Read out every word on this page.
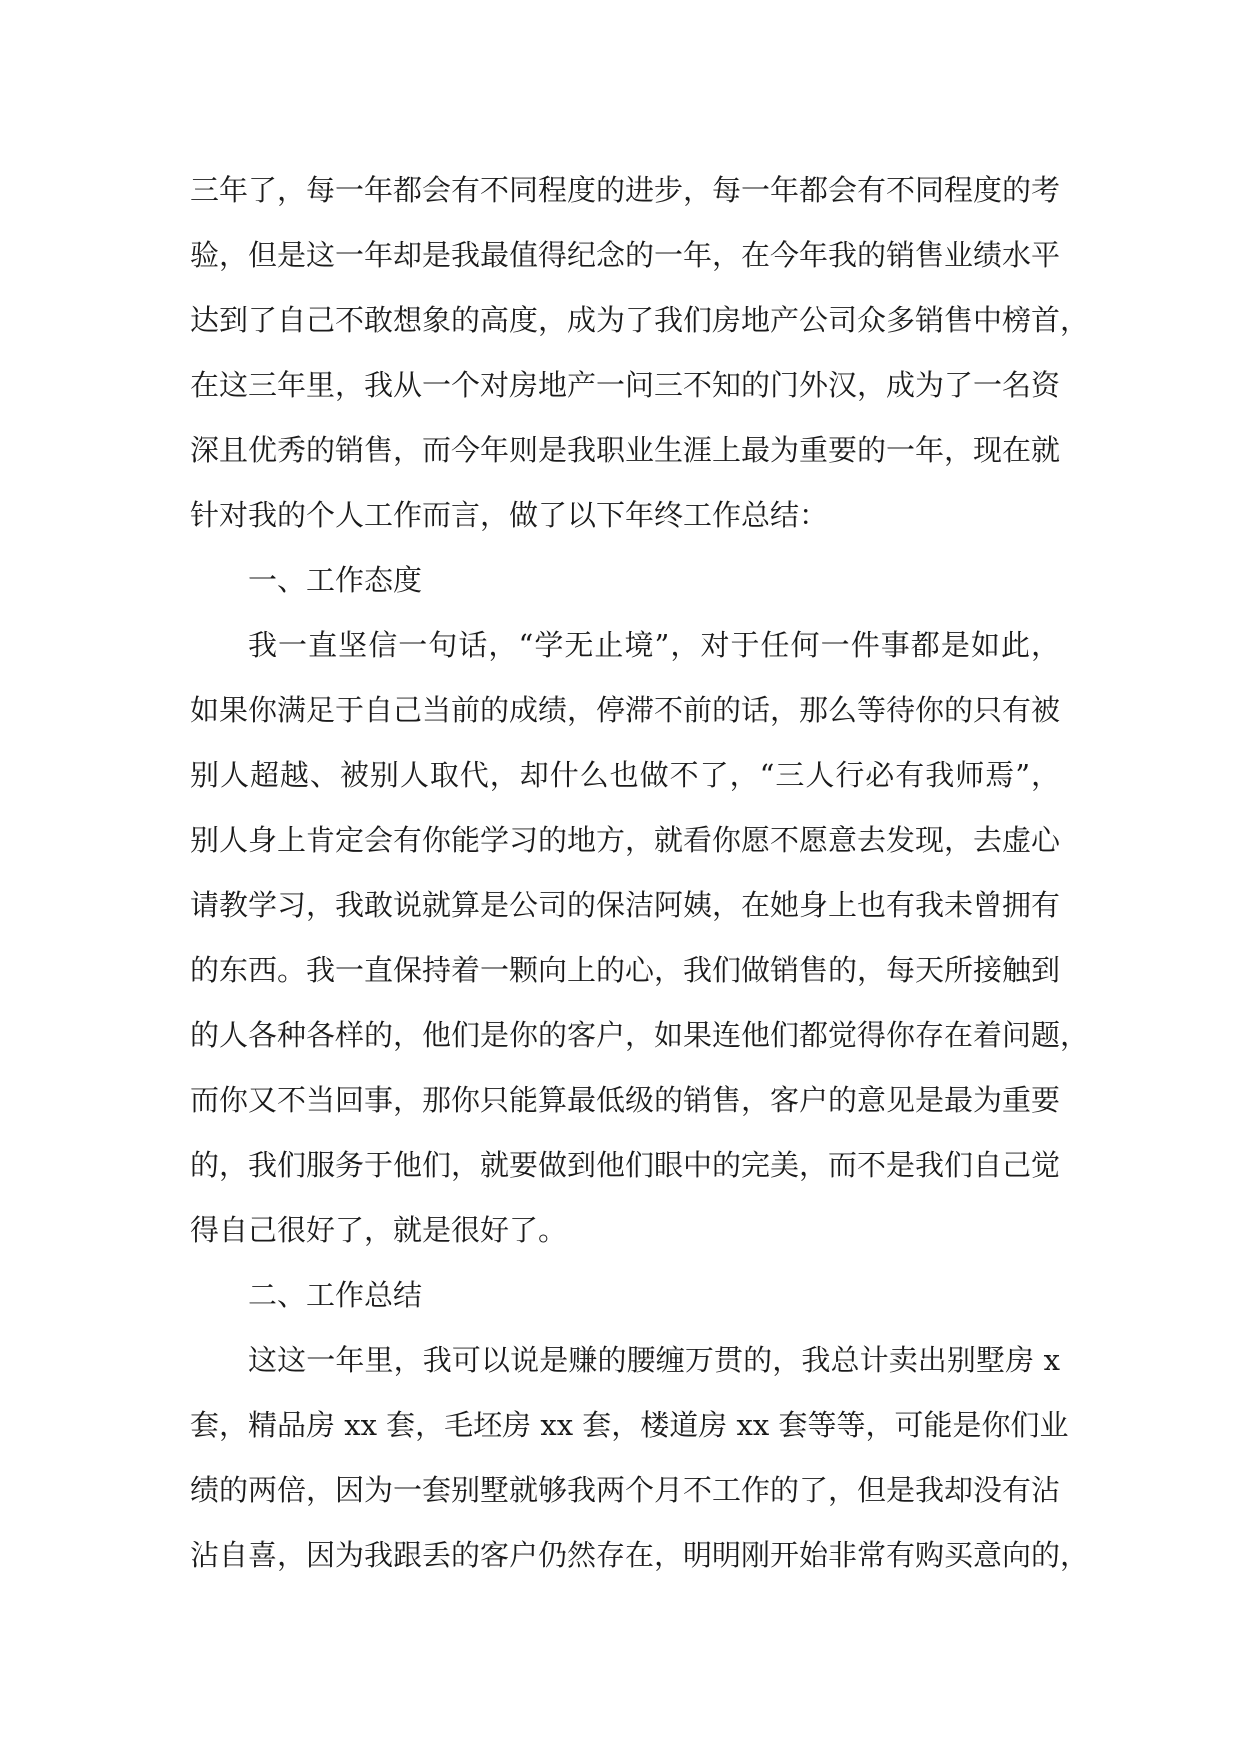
三年了，每一年都会有不同程度的进步，每一年都会有不同程度的考
验，但是这一年却是我最值得纪念的一年，在今年我的销售业绩水平
达到了自己不敢想象的高度，成为了我们房地产公司众多销售中榜首，
在这三年里，我从一个对房地产一问三不知的门外汉，成为了一名资
深且优秀的销售，而今年则是我职业生涯上最为重要的一年，现在就
针对我的个人工作而言，做了以下年终工作总结：
一、工作态度
我一直坚信一句话，“学无止境”，对于任何一件事都是如此，
如果你满足于自己当前的成绩，停滞不前的话，那么等待你的只有被
别人超越、被别人取代，却什么也做不了，“三人行必有我师焉”，
别人身上肯定会有你能学习的地方，就看你愿不愿意去发现，去虚心
请教学习，我敢说就算是公司的保洁阿姨，在她身上也有我未曾拥有
的东西。我一直保持着一颗向上的心，我们做销售的，每天所接触到
的人各种各样的，他们是你的客户，如果连他们都觉得你存在着问题，
而你又不当回事，那你只能算最低级的销售，客户的意见是最为重要
的，我们服务于他们，就要做到他们眼中的完美，而不是我们自己觉
得自己很好了，就是很好了。
二、工作总结
这这一年里，我可以说是赚的腰缠万贯的，我总计卖出别墅房 x
套，精品房 xx 套，毛坯房 xx 套，楼道房 xx 套等等，可能是你们业
绩的两倍，因为一套别墅就够我两个月不工作的了，但是我却没有沾
沾自喜，因为我跟丢的客户仍然存在，明明刚开始非常有购买意向的，
